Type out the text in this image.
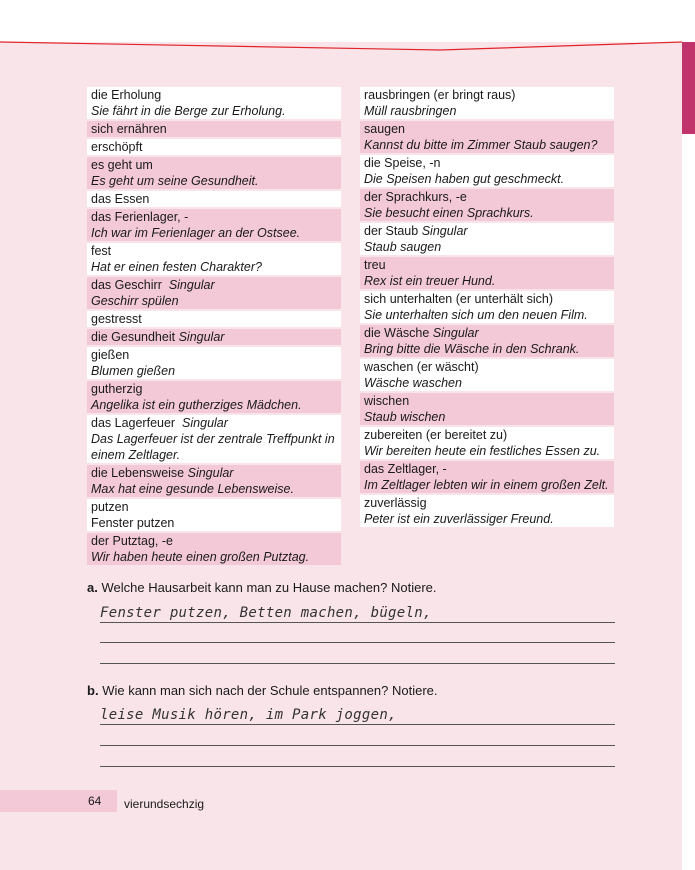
die Erholung
Sie fährt in die Berge zur Erholung.
sich ernähren
erschöpft
es geht um
Es geht um seine Gesundheit.
das Essen
das Ferienlager, -
Ich war im Ferienlager an der Ostsee.
fest
Hat er einen festen Charakter?
das Geschirr Singular
Geschirr spülen
gestresst
die Gesundheit Singular
gießen
Blumen gießen
gutherzig
Angelika ist ein gutherziges Mädchen.
das Lagerfeuer Singular
Das Lagerfeuer ist der zentrale Treffpunkt in einem Zeltlager.
die Lebensweise Singular
Max hat eine gesunde Lebensweise.
putzen
Fenster putzen
der Putztag, -e
Wir haben heute einen großen Putztag.
rausbringen (er bringt raus)
Müll rausbringen
saugen
Kannst du bitte im Zimmer Staub saugen?
die Speise, -n
Die Speisen haben gut geschmeckt.
der Sprachkurs, -e
Sie besucht einen Sprachkurs.
der Staub Singular
Staub saugen
treu
Rex ist ein treuer Hund.
sich unterhalten (er unterhält sich)
Sie unterhalten sich um den neuen Film.
die Wäsche Singular
Bring bitte die Wäsche in den Schrank.
waschen (er wäscht)
Wäsche waschen
wischen
Staub wischen
zubereiten (er bereitet zu)
Wir bereiten heute ein festliches Essen zu.
das Zeltlager, -
Im Zeltlager lebten wir in einem großen Zelt.
zuverlässig
Peter ist ein zuverlässiger Freund.
a. Welche Hausarbeit kann man zu Hause machen? Notiere.
Fenster putzen, Betten machen, bügeln,
b. Wie kann man sich nach der Schule entspannen? Notiere.
leise Musik hören, im Park joggen,
64 vierundsechzig
